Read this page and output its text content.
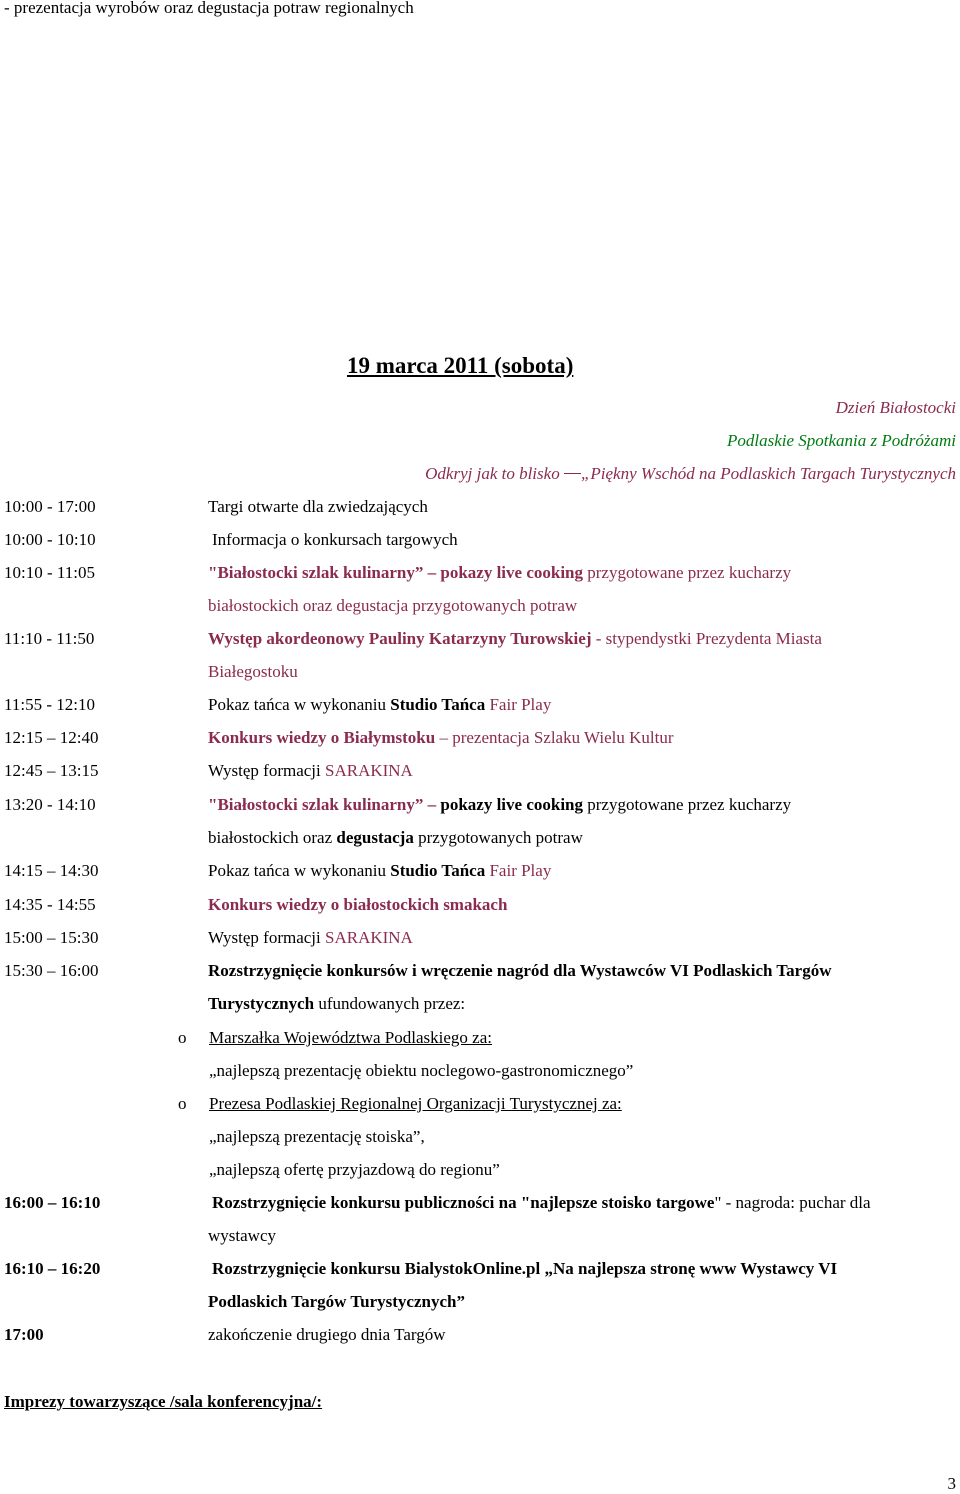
- prezentacja wyrobów oraz degustacja potraw regionalnych
19 marca 2011 (sobota)
Dzień Białostocki
Podlaskie Spotkania z Podróżami
Odkryj jak to blisko     „Piękny Wschód na Podlaskich Targach Turystycznych
10:00 - 17:00	Targi otwarte dla zwiedzających
10:00 - 10:10	Informacja o konkursach targowych
10:10 - 11:05	"Białostocki szlak kulinarny” – pokazy live cooking przygotowane przez kucharzy
białostockich oraz degustacja przygotowanych potraw
11:10 - 11:50	Występ akordeonowy Pauliny Katarzyny Turowskiej - stypendystki Prezydenta Miasta
Białegostoku
11:55 - 12:10	Pokaz tańca w wykonaniu Studio Tańca Fair Play
12:15 – 12:40	Konkurs wiedzy o Białymstoku – prezentacja Szlaku Wielu Kultur
12:45 – 13:15	Występ formacji SARAKINA
13:20 - 14:10	"Białostocki szlak kulinarny” – pokazy live cooking przygotowane przez kucharzy
białostockich oraz degustacja przygotowanych potraw
14:15 – 14:30	Pokaz tańca w wykonaniu Studio Tańca Fair Play
14:35 - 14:55	Konkurs wiedzy o białostockich smakach
15:00 – 15:30	Występ formacji SARAKINA
15:30 – 16:00	Rozstrzygnięcie konkursów i wręczenie nagród dla Wystawców VI Podlaskich Targów
Turystycznych ufundowanych przez:
o Marszałka Województwa Podlaskiego za:
„najlepszą prezentację obiektu noclegowo-gastronomicznego”
o Prezesa Podlaskiej Regionalnej Organizacji Turystycznej za:
„najlepszą prezentację stoiska”,
„najlepszą ofertę przyjazdową do regionu”
16:00 – 16:10	Rozstrzygnięcie konkursu publiczności na "najlepsze stoisko targowe" - nagroda: puchar dla
wystawcy
16:10 – 16:20	Rozstrzygnięcie konkursu BialystokOnline.pl „Na najlepsza stronę www Wystawcy VI
Podlaskich Targów Turystycznych”
17:00	zakończenie drugiego dnia Targów
Imprezy towarzyszące /sala konferencyjna/:
3
